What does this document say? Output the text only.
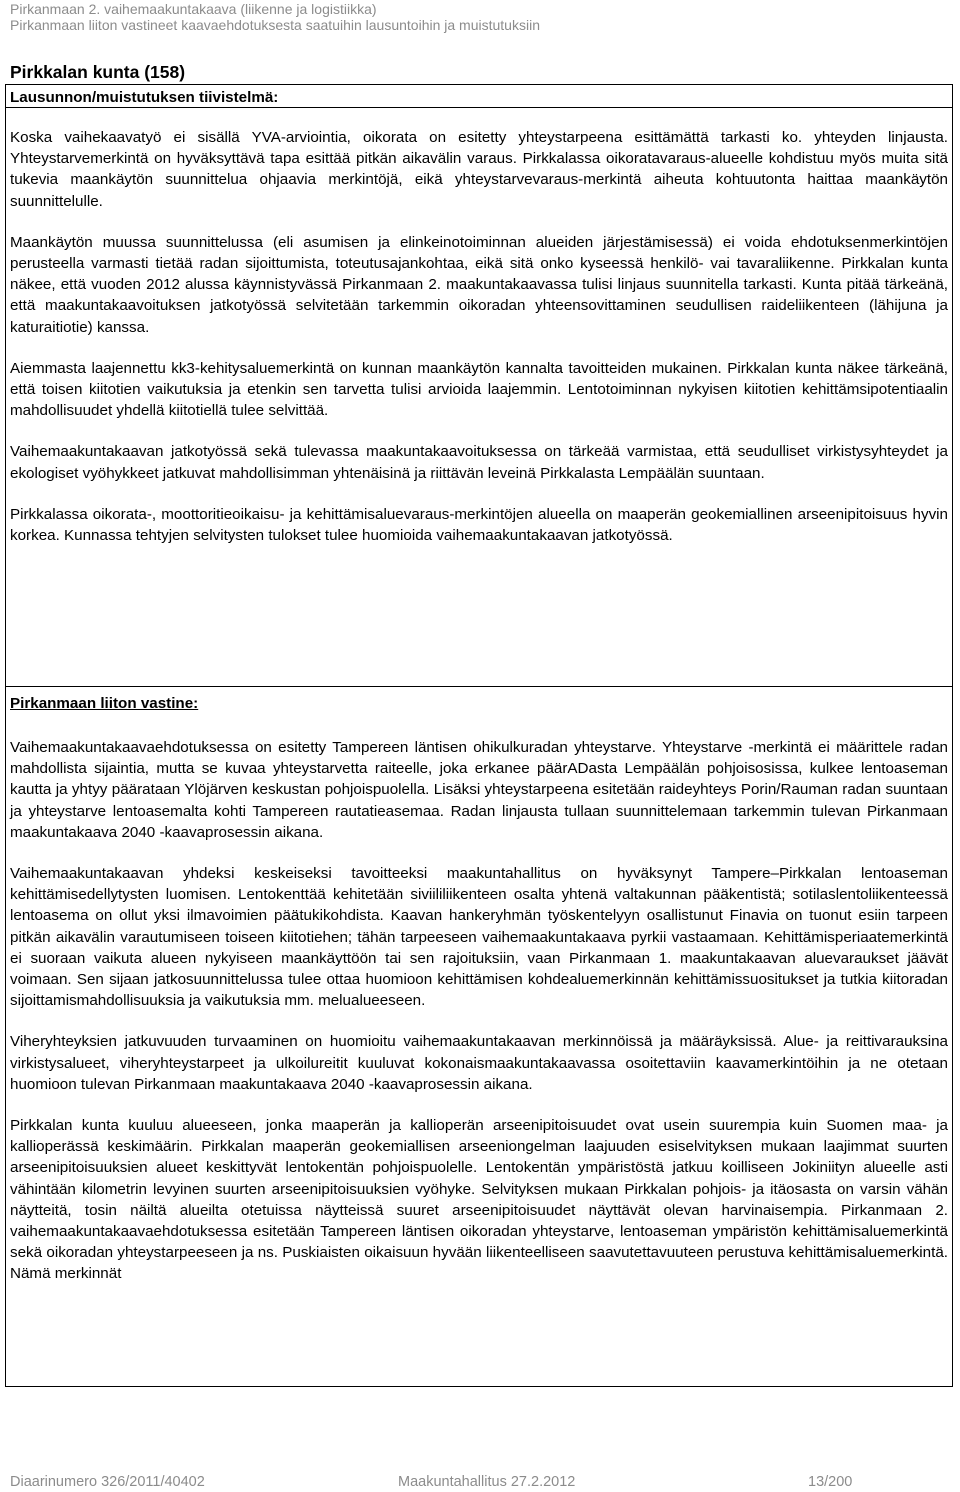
Pirkanmaan 2. vaihemaakuntakaava (liikenne ja logistiikka)
Pirkanmaan liiton vastineet kaavaehdotuksesta saatuihin lausuntoihin ja muistutuksiin
Pirkkalan kunta (158)
Lausunnon/muistutuksen tiivistelmä:

Koska vaihekaavatyö ei sisällä YVA-arviointia, oikorata on esitetty yhteystarpeena esittämättä tarkasti ko. yhteyden linjausta. Yhteystarvemerkintä on hyväksyttävä tapa esittää pitkän aikavälin varaus. Pirkkalassa oikoratavaraus-alueelle kohdistuu myös muita sitä tukevia maankäytön suunnittelua ohjaavia merkintöjä, eikä yhteystarvevaraus-merkintä aiheuta kohtuutonta haittaa maankäytön suunnittelulle.

Maankäytön muussa suunnittelussa (eli asumisen ja elinkeinotoiminnan alueiden järjestämisessä) ei voida ehdotuksenmerkintöjen perusteella varmasti tietää radan sijoittumista, toteutusajankohtaa, eikä sitä onko kyseessä henkilö- vai tavaraliikenne. Pirkkalan kunta näkee, että vuoden 2012 alussa käynnistyvässä Pirkanmaan 2. maakuntakaavassa tulisi linjaus suunnitella tarkasti. Kunta pitää tärkeänä, että maakuntakaavoituksen jatkotyössä selvitetään tarkemmin oikoradan yhteensovittaminen seudullisen raideliikenteen (lähijuna ja katuraitiotie) kanssa.

Aiemmasta laajennettu kk3-kehitysaluemerkintä on kunnan maankäytön kannalta tavoitteiden mukainen. Pirkkalan kunta näkee tärkeänä, että toisen kiitotien vaikutuksia ja etenkin sen tarvetta tulisi arvioida laajemmin. Lentotoiminnan nykyisen kiitotien kehittämsipotentiaalin mahdollisuudet yhdellä kiitotiellä tulee selvittää.

Vaihemaakuntakaavan jatkotyössä sekä tulevassa maakuntakaavoituksessa on tärkeää varmistaa, että seudulliset virkistysyhteydet ja ekologiset vyöhykkeet jatkuvat mahdollisimman yhtenäisinä ja riittävän leveinä Pirkkalasta Lempäälän suuntaan.

Pirkkalassa oikorata-, moottoritieoikaisu- ja kehittämisaluevaraus-merkintöjen alueella on maaperän geokemiallinen arseenipitoisuus hyvin korkea. Kunnassa tehtyjen selvitysten tulokset tulee huomioida vaihemaakuntakaavan jatkotyössä.

Pirkanmaan liiton vastine:

Vaihemaakuntakaavaehdotuksessa on esitetty Tampereen läntisen ohikulkuradan yhteystarve. Yhteystarve -merkintä ei määrittele radan mahdollista sijaintia, mutta se kuvaa yhteystarvetta raiteelle, joka erkanee päärADasta Lempäälän pohjoisosissa, kulkee lentoaseman kautta ja yhtyy päärataan Ylöjärven keskustan pohjoispuolella. Lisäksi yhteystarpeena esitetään raideyhteys Porin/Rauman radan suuntaan ja yhteystarve lentoasemalta kohti Tampereen rautatieasemaa. Radan linjausta tullaan suunnittelemaan tarkemmin tulevan Pirkanmaan maakuntakaava 2040 -kaavaprosessin aikana.

Vaihemaakuntakaavan yhdeksi keskeiseksi tavoitteeksi maakuntahallitus on hyväksynyt Tampere–Pirkkalan lentoaseman kehittämisedellytysten luomisen. Lentokenttää kehitetään siviililiikenteen osalta yhtenä valtakunnan pääkentistä; sotilaslentoliikenteessä lentoasema on ollut yksi ilmavoimien päätukikohdista. Kaavan hankeryhmän työskentelyyn osallistunut Finavia on tuonut esiin tarpeen pitkän aikavälin varautumiseen toiseen kiitotiehen; tähän tarpeeseen vaihemaakuntakaava pyrkii vastaamaan. Kehittämisperiaatemerkintä ei suoraan vaikuta alueen nykyiseen maankäyttöön tai sen rajoituksiin, vaan Pirkanmaan 1. maakuntakaavan aluevaraukset jäävät voimaan. Sen sijaan jatkosuunnittelussa tulee ottaa huomioon kehittämisen kohdealuemerkinnän kehittämissuositukset ja tutkia kiitoradan sijoittamismahdollisuuksia ja vaikutuksia mm. melualueeseen.

Viheryhteyksien jatkuvuuden turvaaminen on huomioitu vaihemaakuntakaavan merkinnöissä ja määräyksissä. Alue- ja reittivarauksina virkistysalueet, viheryhteystarpeet ja ulkoilureitit kuuluvat kokonaismaakuntakaavassa osoitettaviin kaavamerkintöihin ja ne otetaan huomioon tulevan Pirkanmaan maakuntakaava 2040 -kaavaprosessin aikana.

Pirkkalan kunta kuuluu alueeseen, jonka maaperän ja kallioperän arseenipitoisuudet ovat usein suurempia kuin Suomen maa- ja kallioperässä keskimäärin. Pirkkalan maaperän geokemiallisen arseeniongelman laajuuden esiselvityksen mukaan laajimmat suurten arseenipitoisuuksien alueet keskittyvät lentokentän pohjoispuolelle. Lentokentän ympäristöstä jatkuu koilliseen Jokiniityn alueelle asti vähintään kilometrin levyinen suurten arseenipitoisuuksien vyöhyke. Selvityksen mukaan Pirkkalan pohjois- ja itäosasta on varsin vähän näytteitä, tosin näiltä alueilta otetuissa näytteissä suuret arseenipitoisuudet näyttävät olevan harvinaisempia. Pirkanmaan 2. vaihemaakuntakaavaehdotuksessa esitetään Tampereen läntisen oikoradan yhteystarve, lentoaseman ympäristön kehittämisaluemerkintä sekä oikoradan yhteystarpeeseen ja ns. Puskiaisten oikaisuun hyvään liikenteelliseen saavutettavuuteen perustuva kehittämisaluemerkintä. Nämä merkinnät

Diaarinumero 326/2011/40402	Maakuntahallitus 27.2.2012	13/200
